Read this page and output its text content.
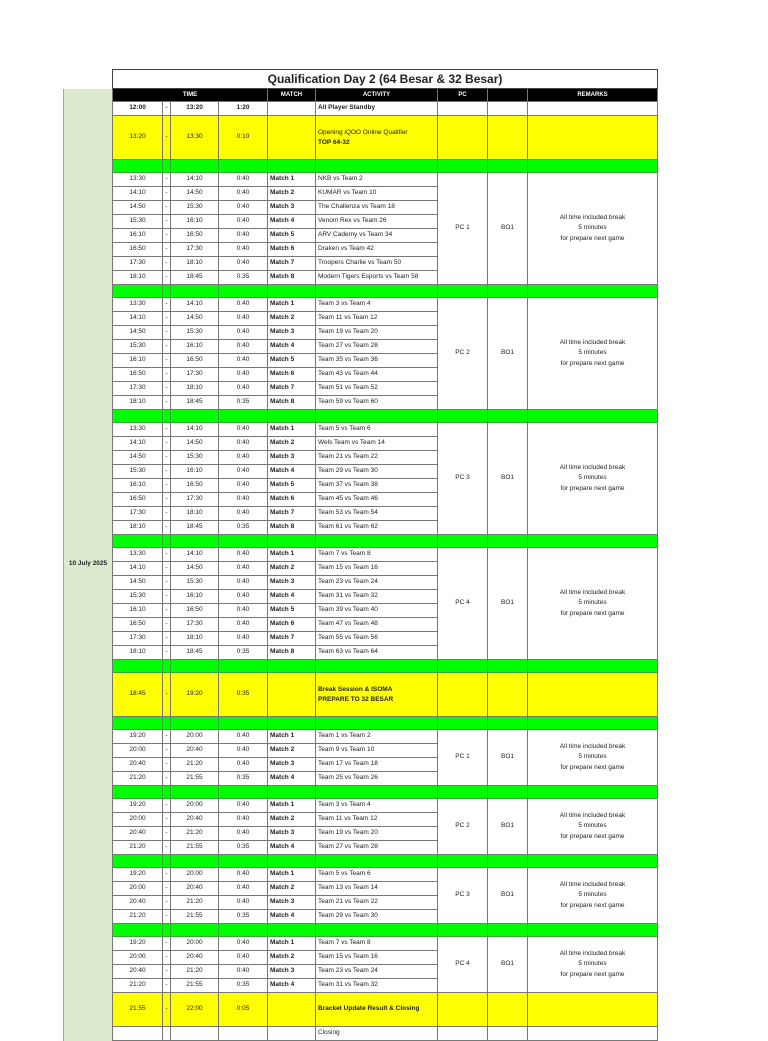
	Qualification Day 2 (64 Besar & 32 Besar)									
10 July 2025	TIME				MATCH	ACTIVITY	PC		REMARKS	
	12:00	-	13:20	1:20		All Player Standby				
	13:20	-	13:30	0:10		Opening iQOO Online Qualifier
TOP 64-32				

	13:30	-	14:10	0:40	Match 1	NKB vs Team 2	PC 1	BO1	All time included break
5 minutes
for prepare next game	

	14:10	-	14:50	0:40	Match 2	KUMAR vs Team 10				
	14:50	-	15:30	0:40	Match 3	The Challenza vs Team 18				
	15:30	-	16:10	0:40	Match 4	Venom Rex vs Team 26				
	16:10	-	16:50	0:40	Match 5	ARV Cademy vs Team 34				
	16:50	-	17:30	0:40	Match 6	Draken vs Team 42				
	17:30	-	18:10	0:40	Match 7	Troopers Charlie vs Team 50				
	18:10	-	18:45	0:35	Match 8	Modern Tigers Esports vs Team 58				

	13:30	-	14:10	0:40	Match 1	Team 3 vs Team 4	PC 2	BO1	All time included break
5 minutes
for prepare next game	

	14:10	-	14:50	0:40	Match 2	Team 11 vs Team 12				
	14:50	-	15:30	0:40	Match 3	Team 19 vs Team 20				
	15:30	-	16:10	0:40	Match 4	Team 27 vs Team 28				
	16:10	-	16:50	0:40	Match 5	Team 35 vs Team 36				
	16:50	-	17:30	0:40	Match 6	Team 43 vs Team 44				
	17:30	-	18:10	0:40	Match 7	Team 51 vs Team 52				
	18:10	-	18:45	0:35	Match 8	Team 59 vs Team 60				

	13:30	-	14:10	0:40	Match 1	Team 5 vs Team 6	PC 3	BO1	All time included break
5 minutes
for prepare next game	

	14:10	-	14:50	0:40	Match 2	Wels Team vs Team 14				
	14:50	-	15:30	0:40	Match 3	Team 21 vs Team 22				
	15:30	-	16:10	0:40	Match 4	Team 29 vs Team 30				
	16:10	-	16:50	0:40	Match 5	Team 37 vs Team 38				
	16:50	-	17:30	0:40	Match 6	Team 45 vs Team 46				
	17:30	-	18:10	0:40	Match 7	Team 53 vs Team 54				
	18:10	-	18:45	0:35	Match 8	Team 61 vs Team 62				

	13:30	-	14:10	0:40	Match 1	Team 7 vs Team 8	PC 4	BO1	All time included break
5 minutes
for prepare next game	

	14:10	-	14:50	0:40	Match 2	Team 15 vs Team 16				
	14:50	-	15:30	0:40	Match 3	Team 23 vs Team 24				
	15:30	-	16:10	0:40	Match 4	Team 31 vs Team 32				
	16:10	-	16:50	0:40	Match 5	Team 39 vs Team 40				
	16:50	-	17:30	0:40	Match 6	Team 47 vs Team 48				
	17:30	-	18:10	0:40	Match 7	Team 55 vs Team 56				
	18:10	-	18:45	0:35	Match 8	Team 63 vs Team 64				

	18:45	-	19:20	0:35		Break Session & ISOMA
PREPARE TO 32 BESAR				

	19:20	-	20:00	0:40	Match 1	Team 1 vs Team 2	PC 1	BO1	All time included break
5 minutes
for prepare next game	

	20:00	-	20:40	0:40	Match 2	Team 9 vs Team 10				
	20:40	-	21:20	0:40	Match 3	Team 17 vs Team 18				
	21:20	-	21:55	0:35	Match 4	Team 25 vs Team 26				

	19:20	-	20:00	0:40	Match 1	Team 3 vs Team 4	PC 2	BO1	All time included break
5 minutes
for prepare next game	

	20:00	-	20:40	0:40	Match 2	Team 11 vs Team 12				
	20:40	-	21:20	0:40	Match 3	Team 19 vs Team 20				
	21:20	-	21:55	0:35	Match 4	Team 27 vs Team 28				

	19:20	-	20:00	0:40	Match 1	Team 5 vs Team 6	PC 3	BO1	All time included break
5 minutes
for prepare next game	

	20:00	-	20:40	0:40	Match 2	Team 13 vs Team 14				
	20:40	-	21:20	0:40	Match 3	Team 21 vs Team 22				
	21:20	-	21:55	0:35	Match 4	Team 29 vs Team 30				

	19:20	-	20:00	0:40	Match 1	Team 7 vs Team 8	PC 4	BO1	All time included break
5 minutes
for prepare next game	

	20:00	-	20:40	0:40	Match 2	Team 15 vs Team 16				
	20:40	-	21:20	0:40	Match 3	Team 23 vs Team 24				
	21:20	-	21:55	0:35	Match 4	Team 31 vs Team 32				
	21:55	-	22:00	0:05		Bracket Update Result & Closing				
						Closing				
